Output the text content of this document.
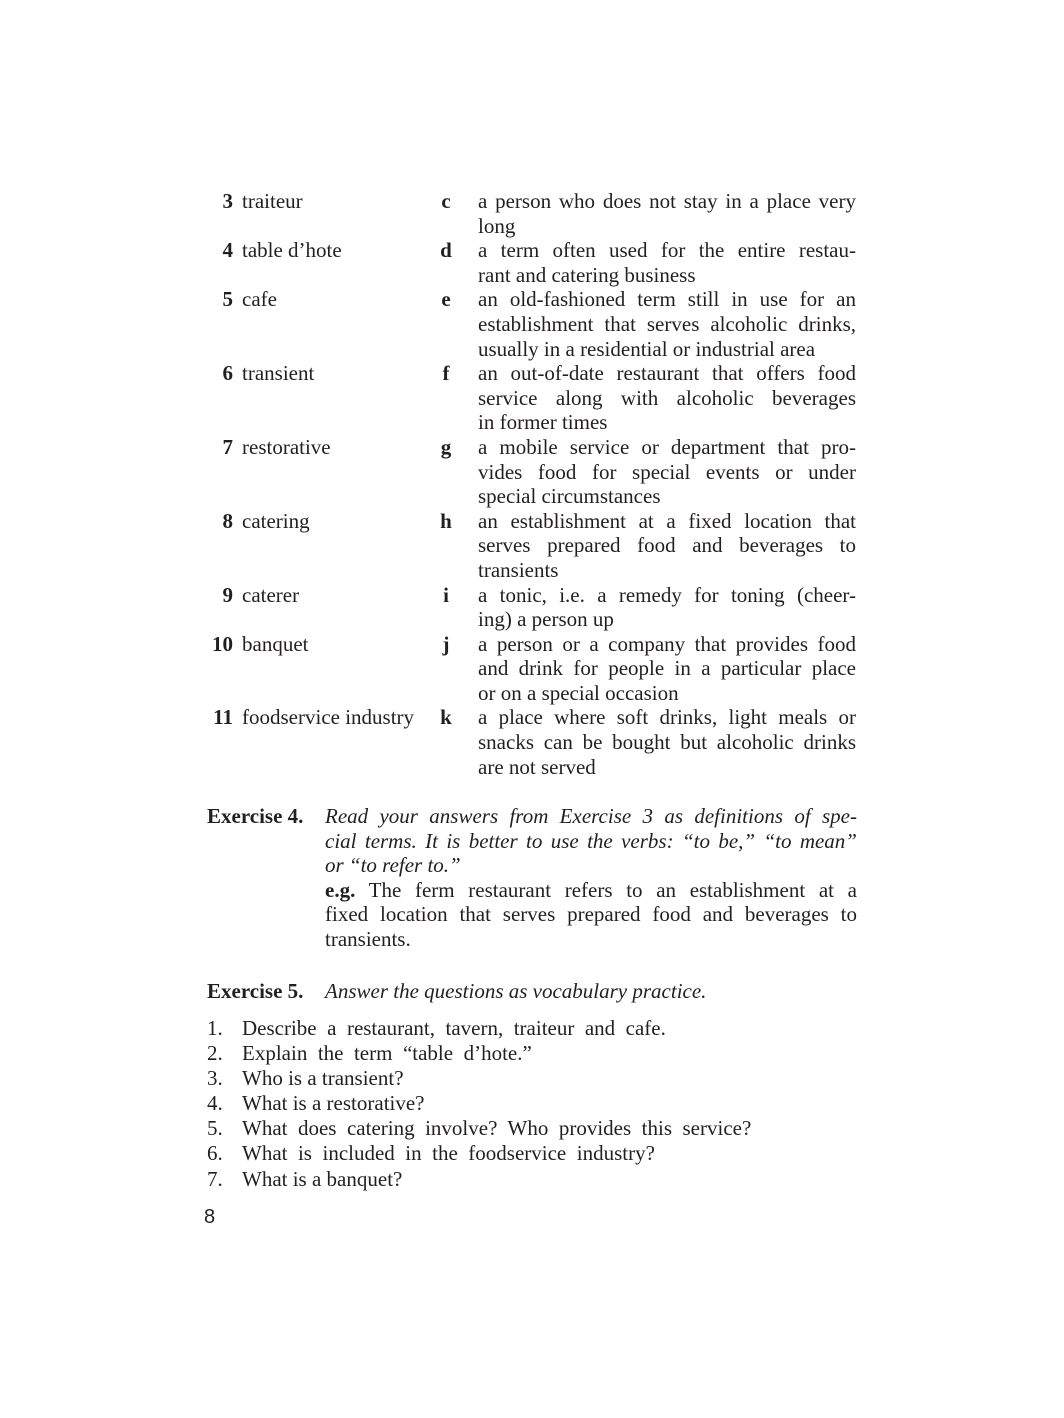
3 traiteur	c a person who does not stay in a place very
long
4 table d’hote	d a term often used for the entire restau-
rant and catering business
5 cafe	e an old-fashioned term still in use for an
establishment that serves alcoholic drinks,
usually in a residential or industrial area
6 transient	f an out-of-date restaurant that offers food
service along with alcoholic beverages
in former times
7 restorative	g a mobile service or department that pro-
vides food for special events or under
special circumstances
8 catering	h an establishment at a fixed location that
serves prepared food and beverages to
transients
9 caterer	i a tonic, i.e. a remedy for toning (cheer-
ing) a person up
10 banquet	j a person or a company that provides food
and drink for people in a particular place
or on a special occasion
11 foodservice industry	k a place where soft drinks, light meals or
snacks can be bought but alcoholic drinks
are not served
Exercise 4. Read your answers from Exercise 3 as definitions of spe-
cial terms. It is better to use the verbs: “to be,” “to mean”
or “to refer to.”
e.g. The ferm restaurant refers to an establishment at a
fixed location that serves prepared food and beverages to
transients.
Exercise 5. Answer the questions as vocabulary practice.
1. Describe  a  restaurant,  tavern,  traiteur  and  cafe.
2. Explain  the  term  “table  d’hote.”
3. Who is a transient?
4. What is a restorative?
5. What  does  catering  involve?  Who  provides  this  service?
6. What  is  included  in  the  foodservice  industry?
7. What is a banquet?
8
